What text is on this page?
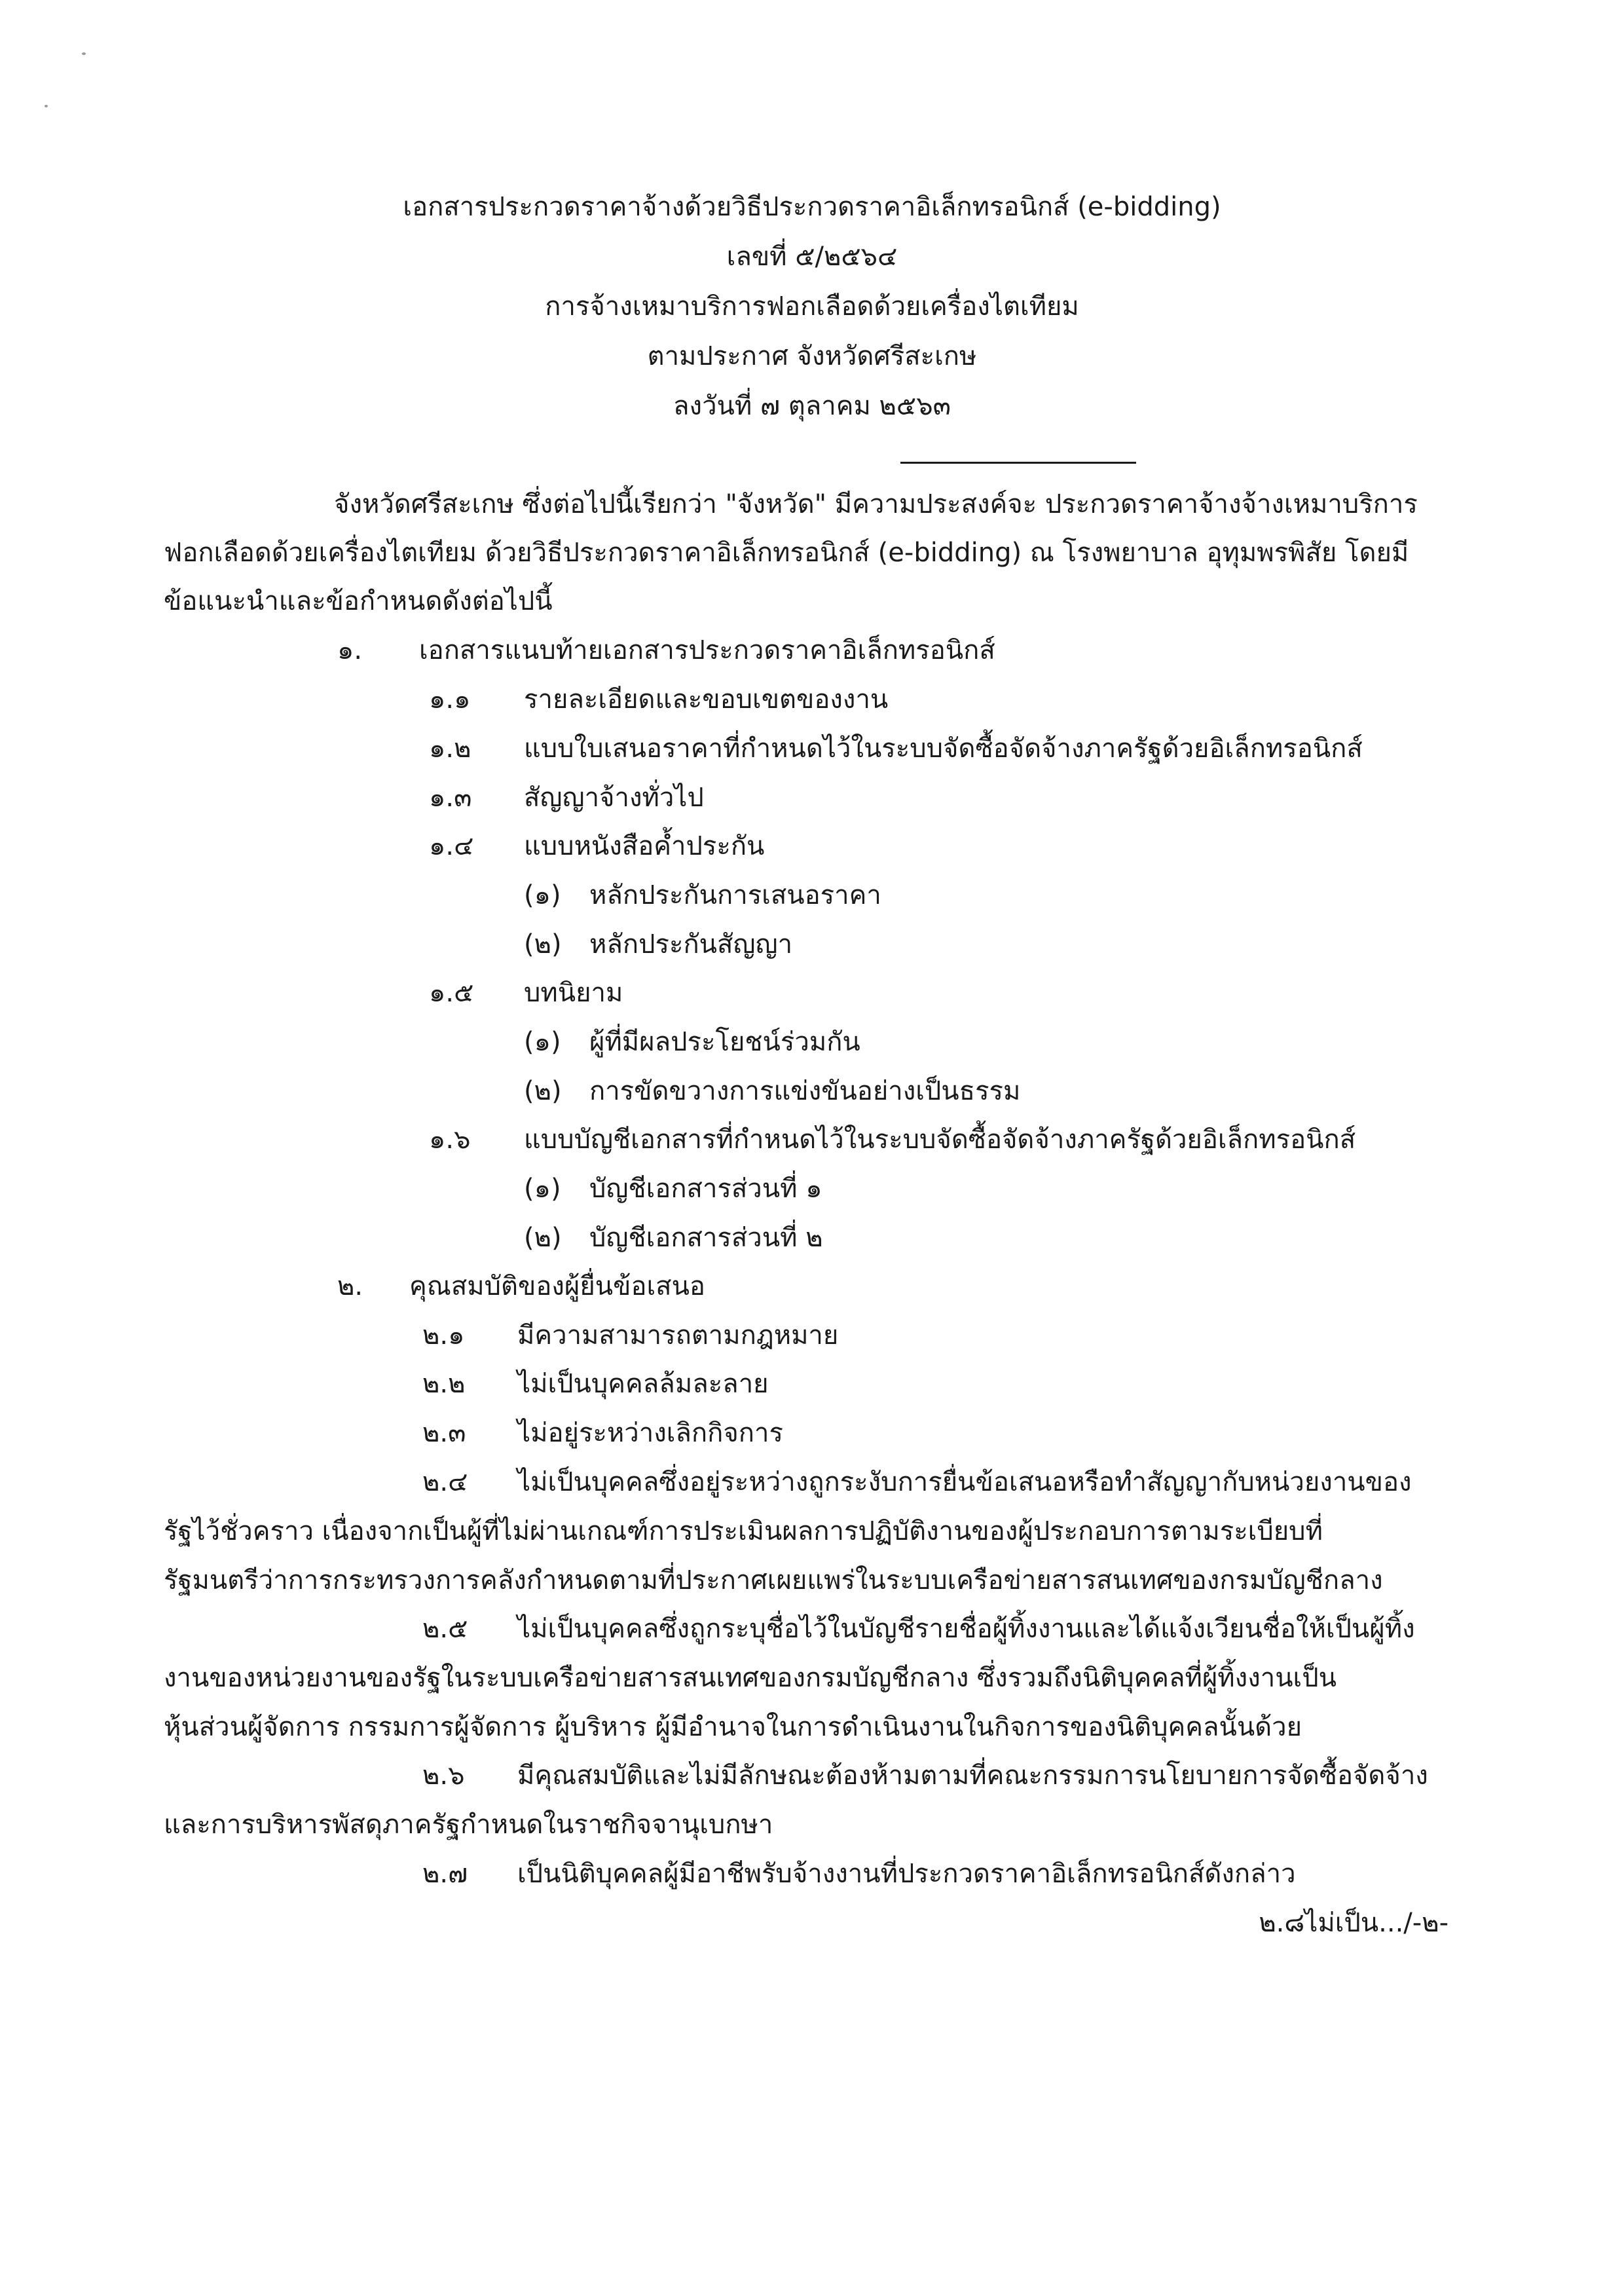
เอกสารประกวดราคาจ้างด้วยวิธีประกวดราคาอิเล็กทรอนิกส์ (e-bidding)
เลขที่ ๕/๒๕๖๔
การจ้างเหมาบริการฟอกเลือดด้วยเครื่องไตเทียม
ตามประกาศ จังหวัดศรีสะเกษ
ลงวันที่ ๗ ตุลาคม ๒๕๖๓
จังหวัดศรีสะเกษ ซึ่งต่อไปนี้เรียกว่า "จังหวัด" มีความประสงค์จะ ประกวดราคาจ้างจ้างเหมาบริการ
ฟอกเลือดด้วยเครื่องไตเทียม ด้วยวิธีประกวดราคาอิเล็กทรอนิกส์ (e-bidding) ณ โรงพยาบาล อุทุมพรพิสัย โดยมี
ข้อแนะนำและข้อกำหนดดังต่อไปนี้
๑. เอกสารแนบท้ายเอกสารประกวดราคาอิเล็กทรอนิกส์
๑.๑ รายละเอียดและขอบเขตของงาน
๑.๒ แบบใบเสนอราคาที่กำหนดไว้ในระบบจัดซื้อจัดจ้างภาครัฐด้วยอิเล็กทรอนิกส์
๑.๓ สัญญาจ้างทั่วไป
๑.๔ แบบหนังสือค้ำประกัน
(๑) หลักประกันการเสนอราคา
(๒) หลักประกันสัญญา
๑.๕ บทนิยาม
(๑) ผู้ที่มีผลประโยชน์ร่วมกัน
(๒) การขัดขวางการแข่งขันอย่างเป็นธรรม
๑.๖ แบบบัญชีเอกสารที่กำหนดไว้ในระบบจัดซื้อจัดจ้างภาครัฐด้วยอิเล็กทรอนิกส์
(๑) บัญชีเอกสารส่วนที่ ๑
(๒) บัญชีเอกสารส่วนที่ ๒
๒. คุณสมบัติของผู้ยื่นข้อเสนอ
๒.๑ มีความสามารถตามกฎหมาย
๒.๒ ไม่เป็นบุคคลล้มละลาย
๒.๓ ไม่อยู่ระหว่างเลิกกิจการ
๒.๔ ไม่เป็นบุคคลซึ่งอยู่ระหว่างถูกระงับการยื่นข้อเสนอหรือทำสัญญากับหน่วยงานของ
รัฐไว้ชั่วคราว เนื่องจากเป็นผู้ที่ไม่ผ่านเกณฑ์การประเมินผลการปฏิบัติงานของผู้ประกอบการตามระเบียบที่
รัฐมนตรีว่าการกระทรวงการคลังกำหนดตามที่ประกาศเผยแพร่ในระบบเครือข่ายสารสนเทศของกรมบัญชีกลาง
๒.๕ ไม่เป็นบุคคลซึ่งถูกระบุชื่อไว้ในบัญชีรายชื่อผู้ทิ้งงานและได้แจ้งเวียนชื่อให้เป็นผู้ทิ้ง
งานของหน่วยงานของรัฐในระบบเครือข่ายสารสนเทศของกรมบัญชีกลาง ซึ่งรวมถึงนิติบุคคลที่ผู้ทิ้งงานเป็น
หุ้นส่วนผู้จัดการ กรรมการผู้จัดการ ผู้บริหาร ผู้มีอำนาจในการดำเนินงานในกิจการของนิติบุคคลนั้นด้วย
๒.๖ มีคุณสมบัติและไม่มีลักษณะต้องห้ามตามที่คณะกรรมการนโยบายการจัดซื้อจัดจ้าง
และการบริหารพัสดุภาครัฐกำหนดในราชกิจจานุเบกษา
๒.๗ เป็นนิติบุคคลผู้มีอาชีพรับจ้างงานที่ประกวดราคาอิเล็กทรอนิกส์ดังกล่าว
๒.๘ไม่เป็น.../-๒-
